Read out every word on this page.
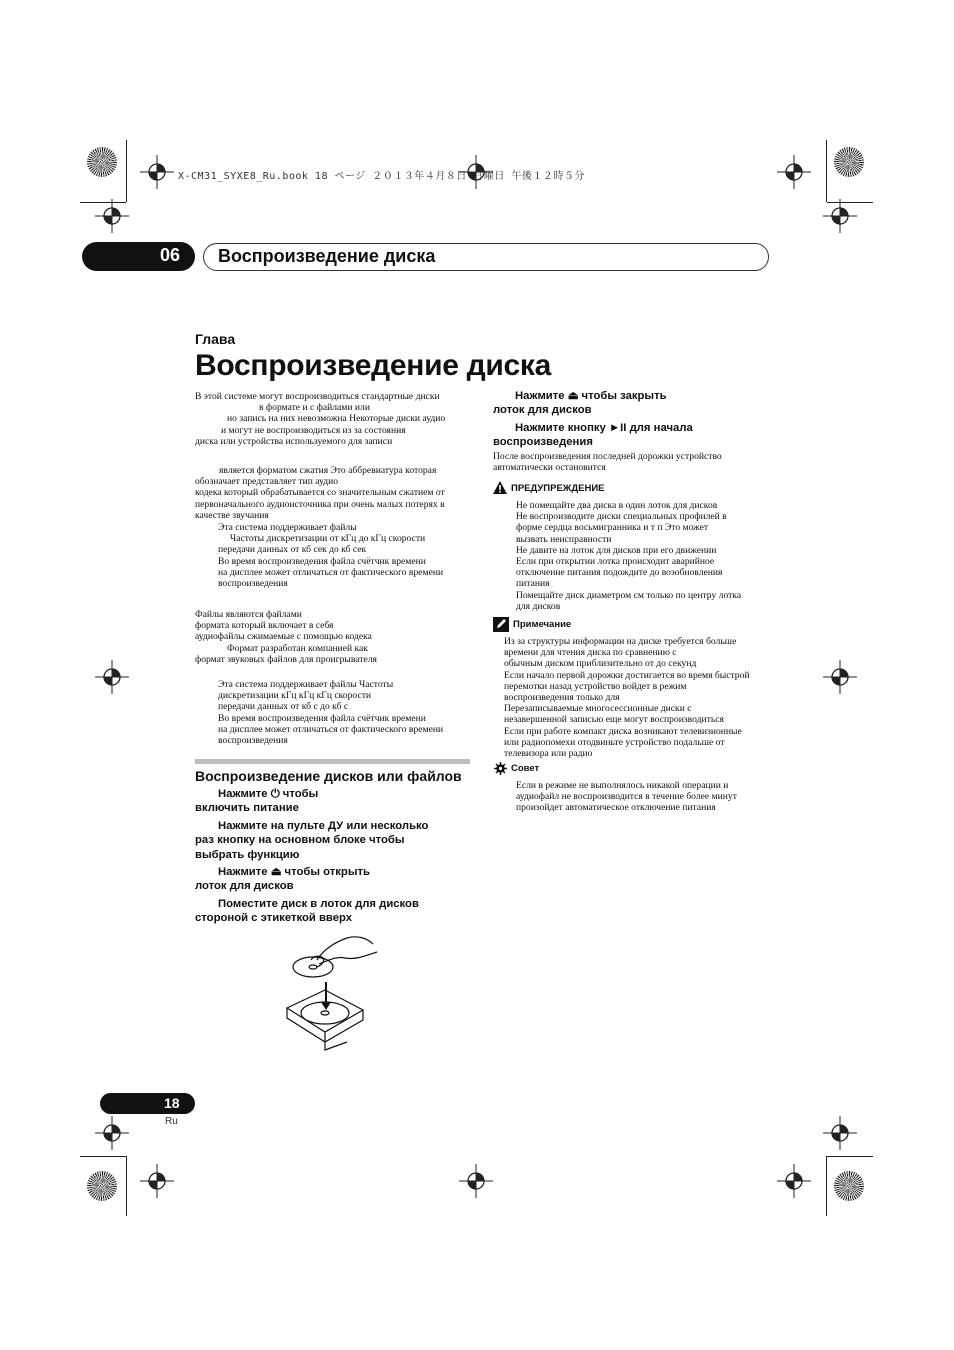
X-CM31_SYXE8_Ru.book 18 ページ ２０１３年４月８日 月曜日 午後１２時５分
06 Воспроизведение диска
Глава
Воспроизведение диска
В этой системе могут воспроизводиться стандартные диски
в формате и с файлами или
но запись на них невозможна Некоторые диски аудио
и могут не воспроизводиться из за состояния
диска или устройства используемого для записи
является форматом сжатия Это аббревиатура которая
обозначает представляет тип аудио
кодека который обрабатывается со значительным сжатием от
первоначального аудиоисточника при очень малых потерях в
качестве звучания
Эта система поддерживает файлы
Частоты дискретизации от кГц до кГц скорости
передачи данных от кб сек до кб сек
Во время воспроизведения файла счётчик времени
на дисплее может отличаться от фактического времени
воспроизведения
Файлы являются файлами
формата который включает в себя
аудиофайлы сжимаемые с помощью кодека
Формат разработан компанией как
формат звуковых файлов для проигрывателя
Эта система поддерживает файлы Частоты
дискретизации кГц кГц кГц скорости
передачи данных от кб с до кб с
Во время воспроизведения файла счётчик времени
на дисплее может отличаться от фактического времени
воспроизведения
Воспроизведение дисков или файлов
Нажмите ⏻ чтобы
включить питание
Нажмите на пульте ДУ или несколько
раз кнопку на основном блоке чтобы
выбрать функцию
Нажмите ⏏ чтобы открыть
лоток для дисков
Поместите диск в лоток для дисков
стороной с этикеткой вверх
Нажмите ⏏ чтобы закрыть
лоток для дисков
Нажмите кнопку ►II для начала
воспроизведения
После воспроизведения последней дорожки устройство
автоматически остановится
ПРЕДУПРЕЖДЕНИЕ
Не помещайте два диска в один лоток для дисков
Не воспроизводите диски специальных профилей в
форме сердца восьмигранника и т п Это может
вызвать неисправности
Не давите на лоток для дисков при его движении
Если при открытии лотка происходит аварийное
отключение питания подождите до возобновления
питания
Помещайте диск диаметром см только по центру лотка
для дисков
Примечание
Из за структуры информации на диске требуется больше
времени для чтения диска по сравнению с
обычным диском приблизительно от до секунд
Если начало первой дорожки достигается во время быстрой
перемотки назад устройство войдет в режим
воспроизведения только для
Перезаписываемые многосессионные диски с
незавершенной записью еще могут воспроизводиться
Если при работе компакт диска возникают телевизионные
или радиопомехи отодвиньте устройство подальше от
телевизора или радио
Совет
Если в режиме не выполнялось никакой операции и
аудиофайл не воспроизводится в течение более минут
произойдет автоматическое отключение питания
18
Ru
